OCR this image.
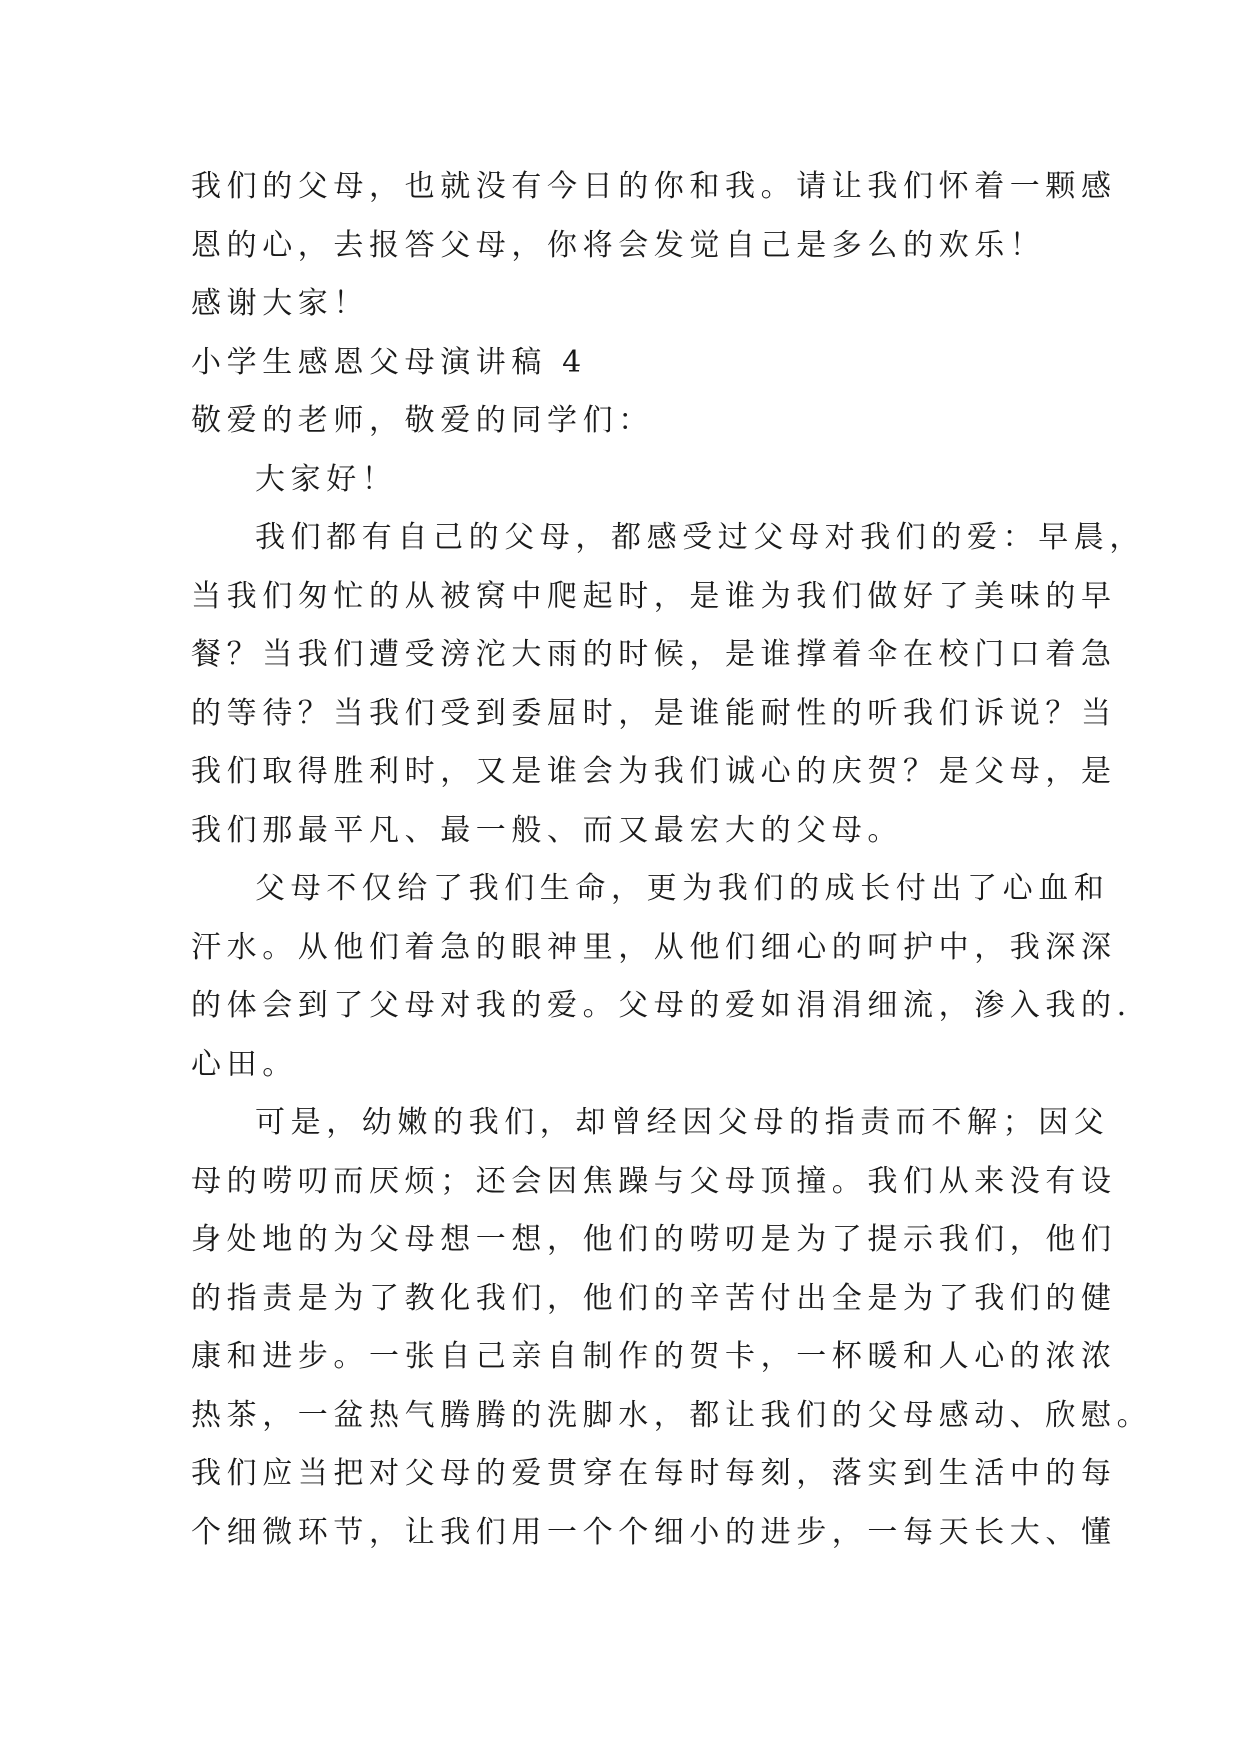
我们的父母，也就没有今日的你和我。请让我们怀着一颗感
恩的心，去报答父母，你将会发觉自己是多么的欢乐！
感谢大家！
小学生感恩父母演讲稿 4
敬爱的老师，敬爱的同学们：
大家好！
我们都有自己的父母，都感受过父母对我们的爱：早晨，
当我们匆忙的从被窝中爬起时，是谁为我们做好了美味的早
餐？当我们遭受滂沱大雨的时候，是谁撑着伞在校门口着急
的等待？当我们受到委屈时，是谁能耐性的听我们诉说？当
我们取得胜利时，又是谁会为我们诚心的庆贺？是父母，是
我们那最平凡、最一般、而又最宏大的父母。
父母不仅给了我们生命，更为我们的成长付出了心血和
汗水。从他们着急的眼神里，从他们细心的呵护中，我深深
的体会到了父母对我的爱。父母的爱如涓涓细流，渗入我的.
心田。
可是，幼嫩的我们，却曾经因父母的指责而不解；因父
母的唠叨而厌烦；还会因焦躁与父母顶撞。我们从来没有设
身处地的为父母想一想，他们的唠叨是为了提示我们，他们
的指责是为了教化我们，他们的辛苦付出全是为了我们的健
康和进步。一张自己亲自制作的贺卡，一杯暖和人心的浓浓
热茶，一盆热气腾腾的洗脚水，都让我们的父母感动、欣慰。
我们应当把对父母的爱贯穿在每时每刻，落实到生活中的每
个细微环节，让我们用一个个细小的进步，一每天长大、懂
